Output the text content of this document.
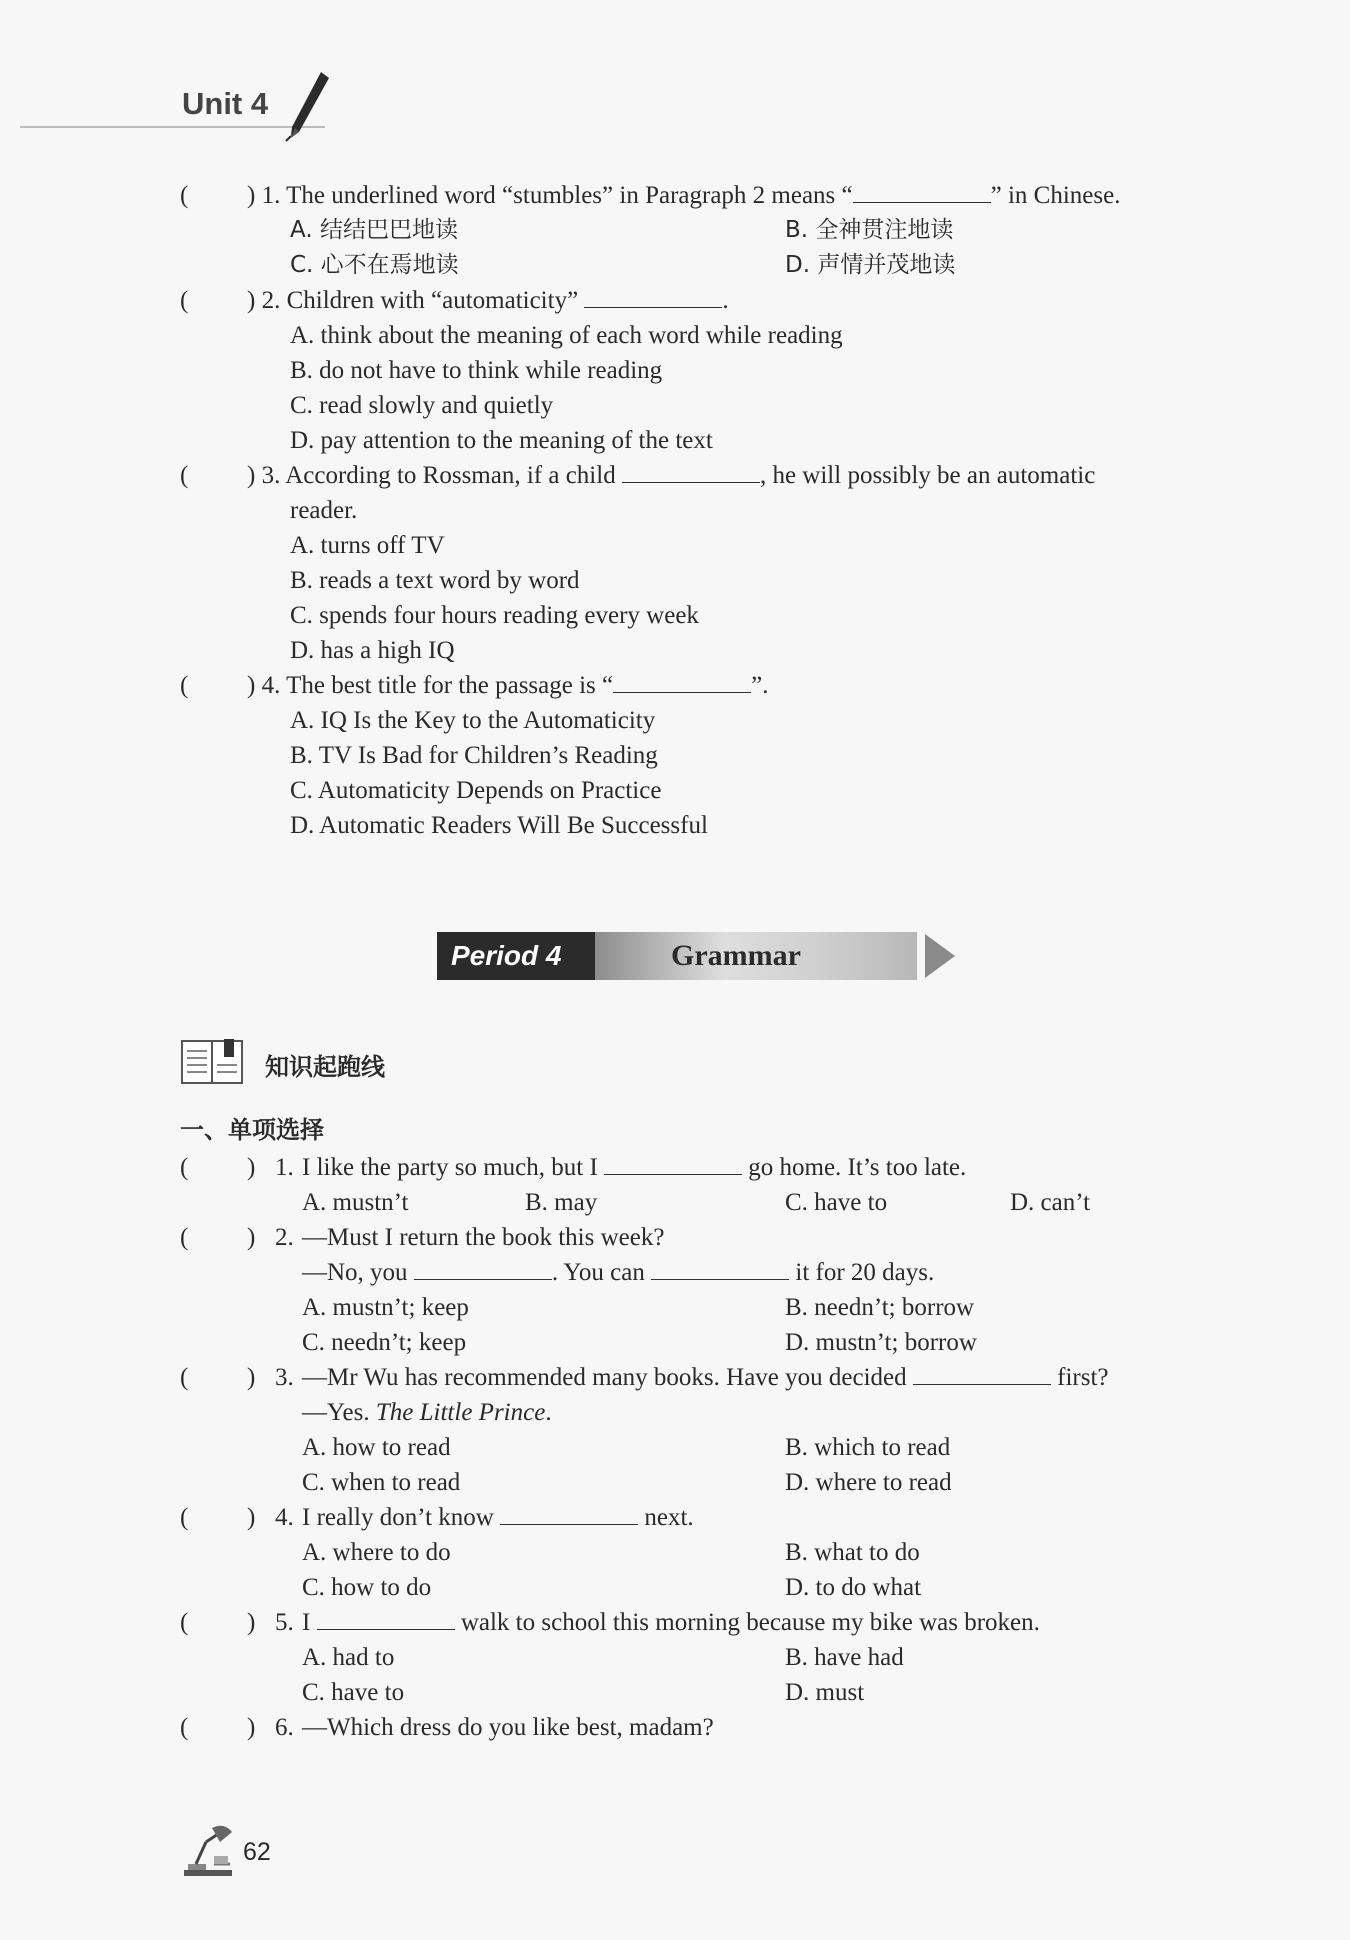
Unit 4
( ) 1. The underlined word “stumbles” in Paragraph 2 means “	” in Chinese.
A. 结结巴巴地读	B. 全神贯注地读
C. 心不在焉地读	D. 声情并茂地读
( ) 2. Children with “automaticity”	.
A. think about the meaning of each word while reading
B. do not have to think while reading
C. read slowly and quietly
D. pay attention to the meaning of the text
( ) 3. According to Rossman, if a child	, he will possibly be an automatic
reader.
A. turns off TV
B. reads a text word by word
C. spends four hours reading every week
D. has a high IQ
( ) 4. The best title for the passage is “	”.
A. IQ Is the Key to the Automaticity
B. TV Is Bad for Children’s Reading
C. Automaticity Depends on Practice
D. Automatic Readers Will Be Successful
Period 4	Grammar
知识起跑线
一、单项选择
( ) 1. I like the party so much, but I	go home. It’s too late.
A. mustn’t	B. may	C. have to	D. can’t
( ) 2. —Must I return the book this week?
—No, you	. You can	it for 20 days.
A. mustn’t; keep	B. needn’t; borrow
C. needn’t; keep	D. mustn’t; borrow
( ) 3. —Mr Wu has recommended many books. Have you decided	first?
—Yes. The Little Prince.
A. how to read	B. which to read
C. when to read	D. where to read
( ) 4. I really don’t know	next.
A. where to do	B. what to do
C. how to do	D. to do what
( ) 5. I	walk to school this morning because my bike was broken.
A. had to	B. have had
C. have to	D. must
( ) 6. —Which dress do you like best, madam?
62
